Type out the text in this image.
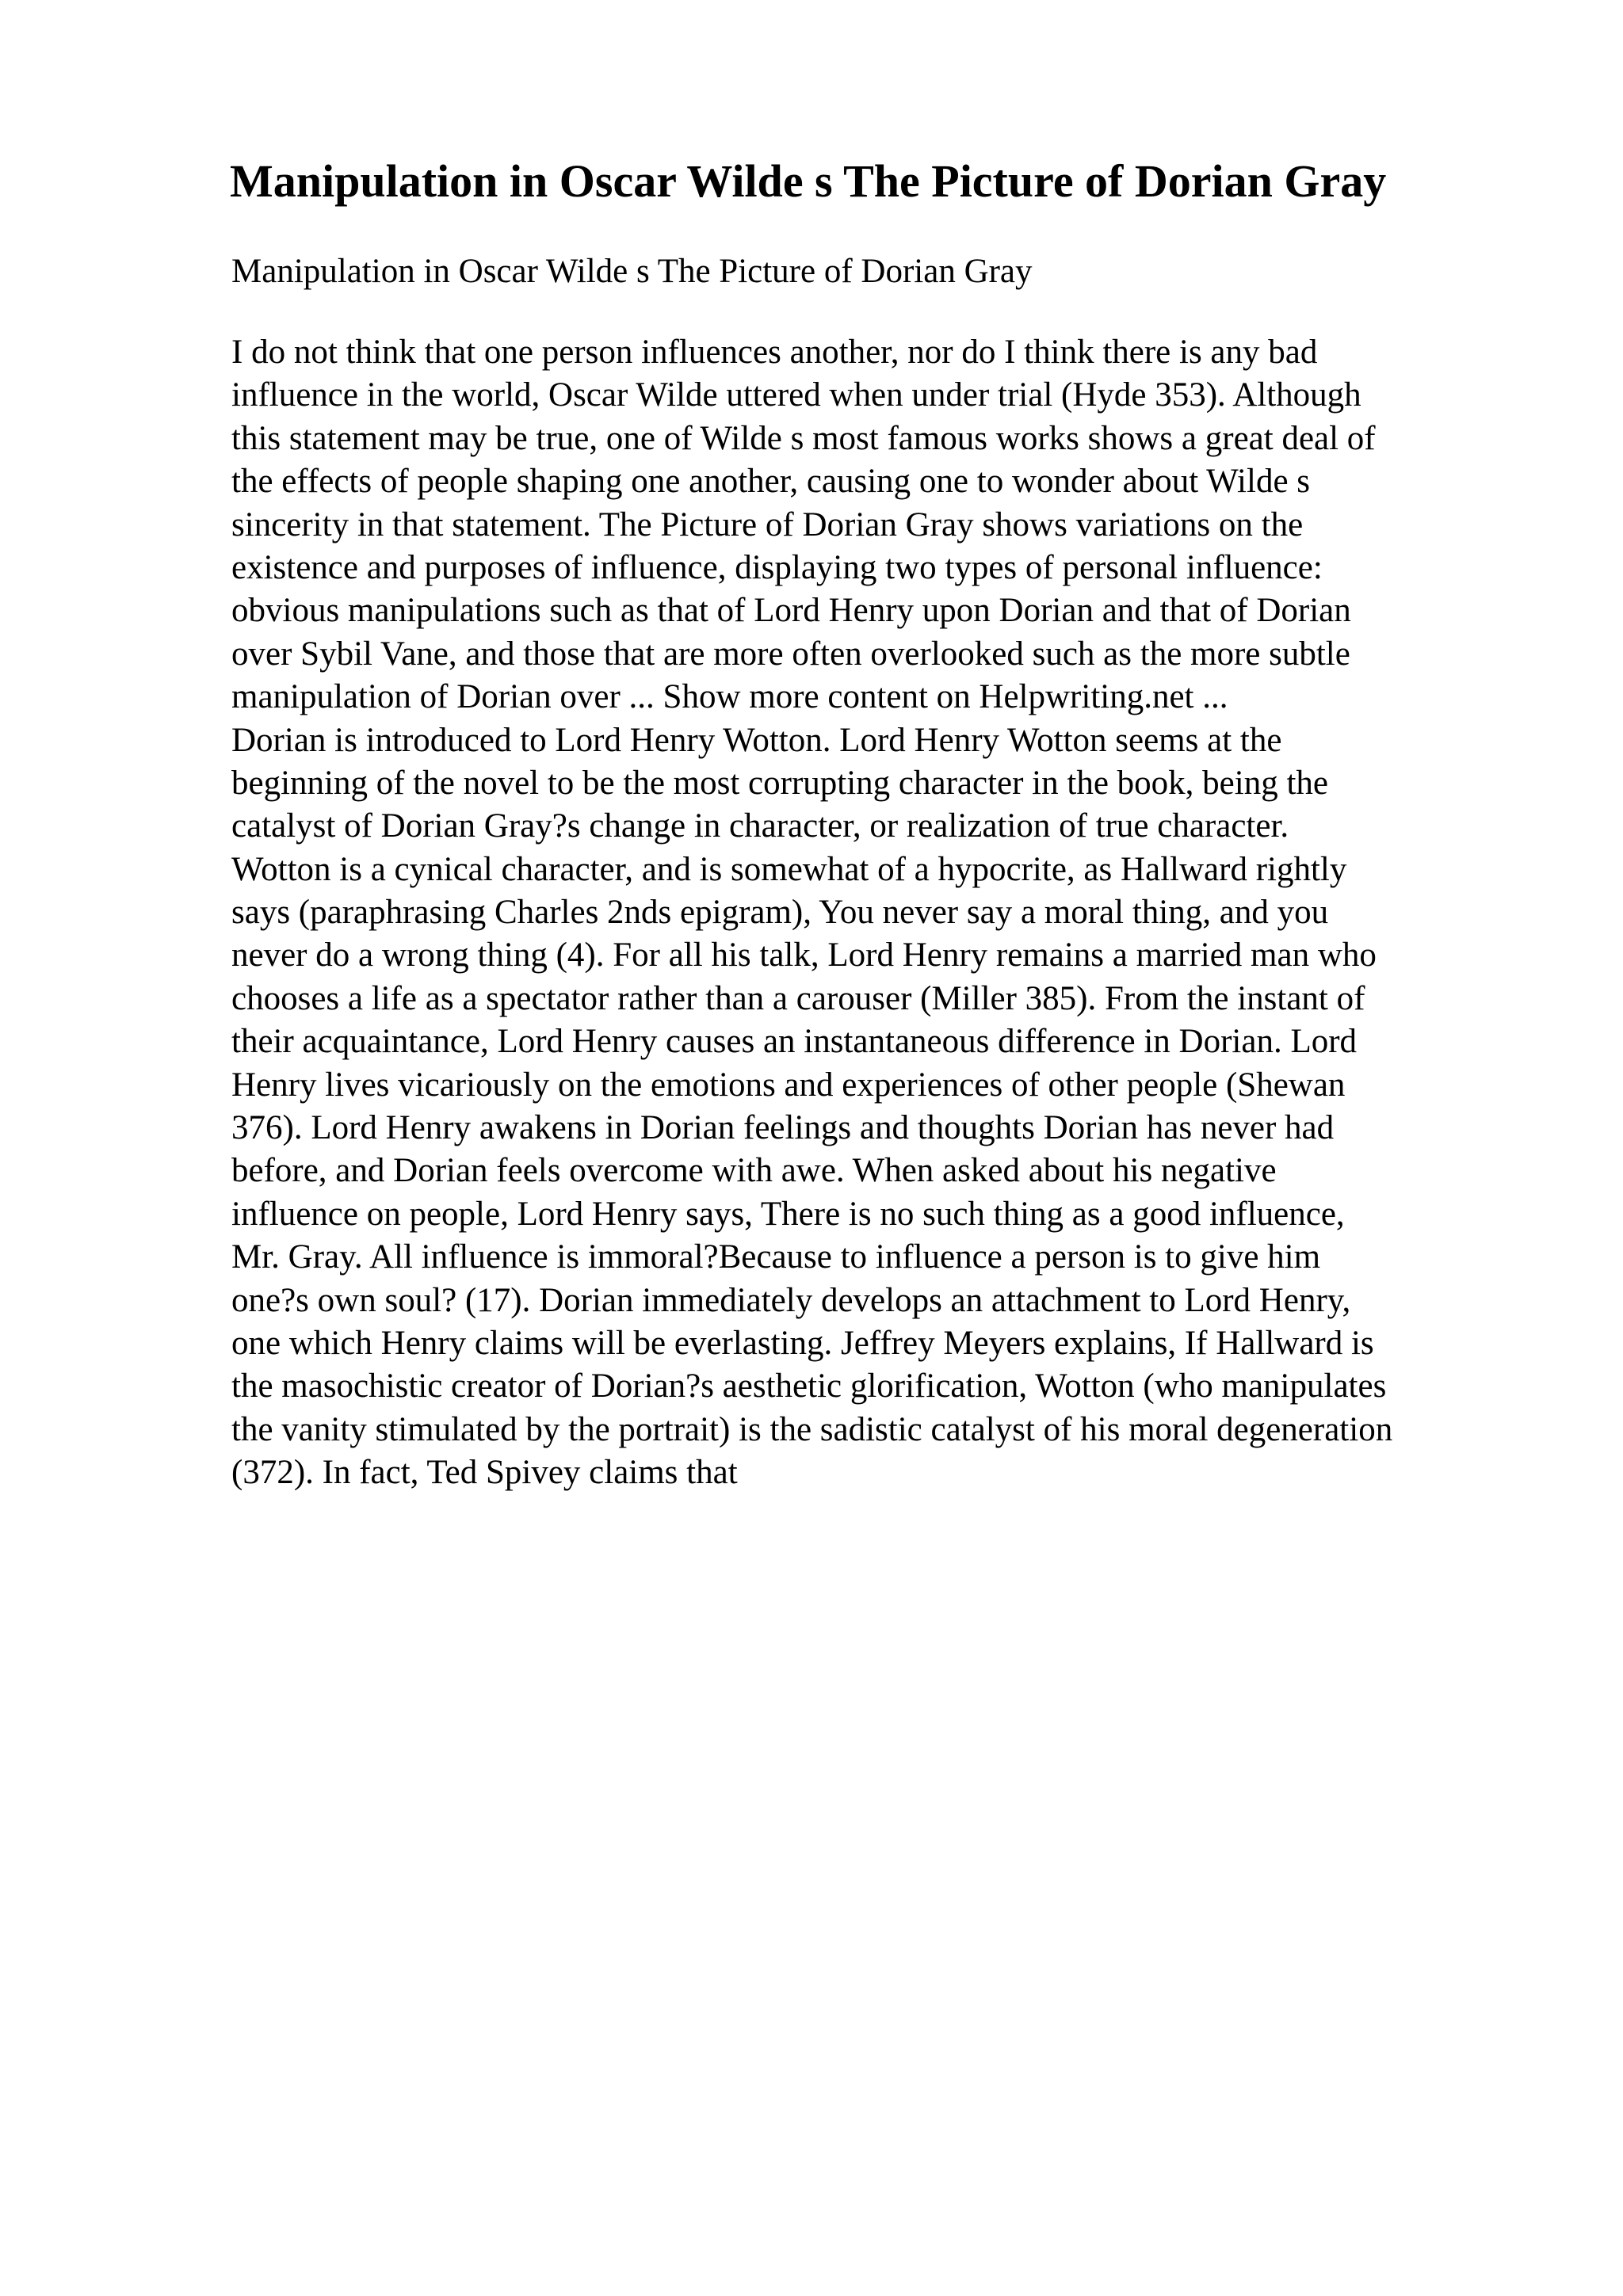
Manipulation in Oscar Wilde s The Picture of Dorian Gray

Manipulation in Oscar Wilde s The Picture of Dorian Gray

I do not think that one person influences another, nor do I think there is any bad
influence in the world, Oscar Wilde uttered when under trial (Hyde 353). Although
this statement may be true, one of Wilde s most famous works shows a great deal of
the effects of people shaping one another, causing one to wonder about Wilde s
sincerity in that statement. The Picture of Dorian Gray shows variations on the
existence and purposes of influence, displaying two types of personal influence:
obvious manipulations such as that of Lord Henry upon Dorian and that of Dorian
over Sybil Vane, and those that are more often overlooked such as the more subtle
manipulation of Dorian over ... Show more content on Helpwriting.net ...
Dorian is introduced to Lord Henry Wotton. Lord Henry Wotton seems at the
beginning of the novel to be the most corrupting character in the book, being the
catalyst of Dorian Gray?s change in character, or realization of true character.
Wotton is a cynical character, and is somewhat of a hypocrite, as Hallward rightly
says (paraphrasing Charles 2nds epigram), You never say a moral thing, and you
never do a wrong thing (4). For all his talk, Lord Henry remains a married man who
chooses a life as a spectator rather than a carouser (Miller 385). From the instant of
their acquaintance, Lord Henry causes an instantaneous difference in Dorian. Lord
Henry lives vicariously on the emotions and experiences of other people (Shewan
376). Lord Henry awakens in Dorian feelings and thoughts Dorian has never had
before, and Dorian feels overcome with awe. When asked about his negative
influence on people, Lord Henry says, There is no such thing as a good influence,
Mr. Gray. All influence is immoral?Because to influence a person is to give him
one?s own soul? (17). Dorian immediately develops an attachment to Lord Henry,
one which Henry claims will be everlasting. Jeffrey Meyers explains, If Hallward is
the masochistic creator of Dorian?s aesthetic glorification, Wotton (who manipulates
the vanity stimulated by the portrait) is the sadistic catalyst of his moral degeneration
(372). In fact, Ted Spivey claims that
